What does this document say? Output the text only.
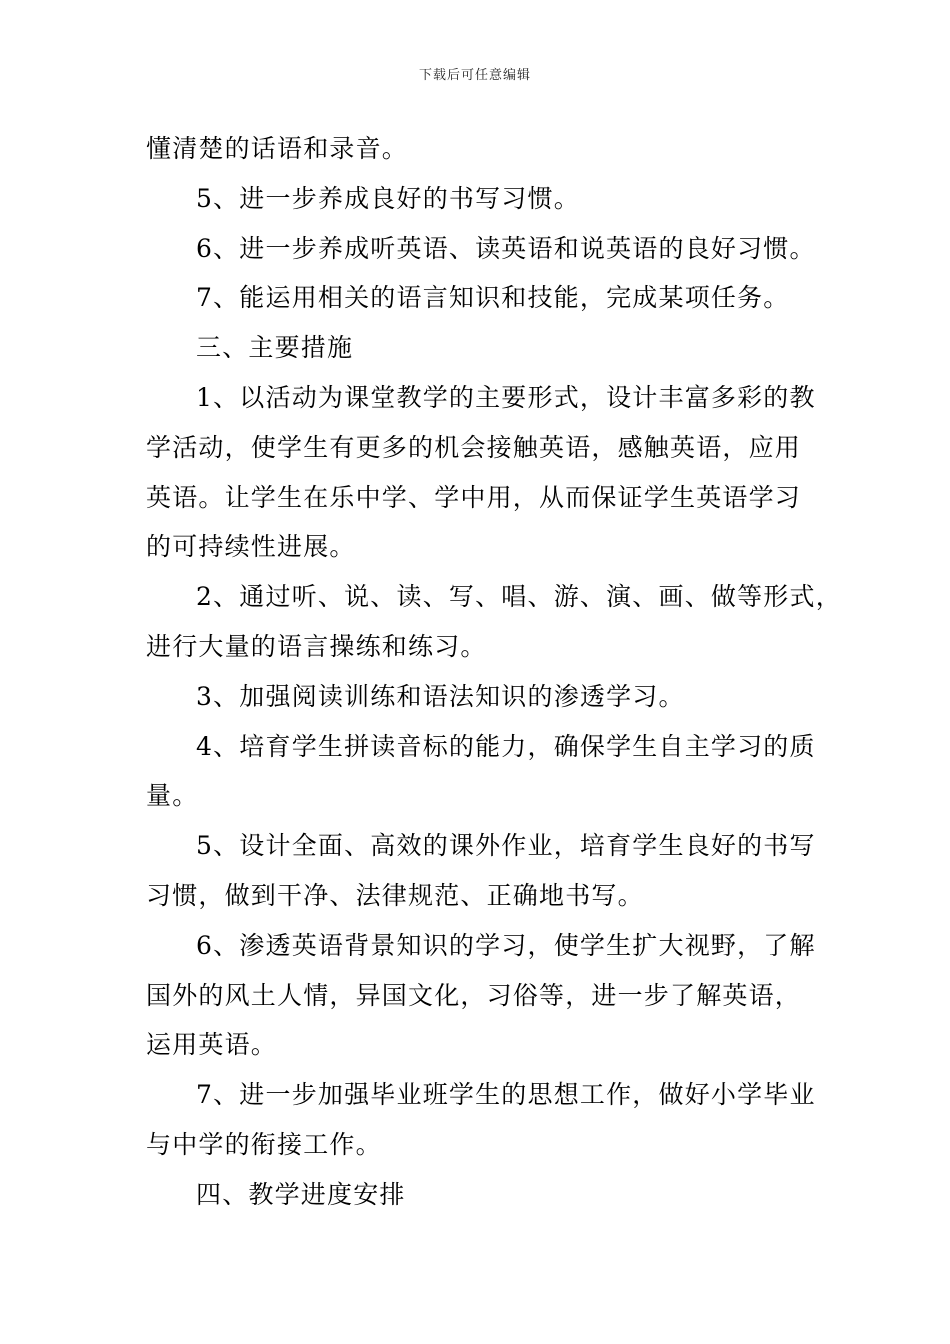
下载后可任意编辑

懂清楚的话语和录音。

5、进一步养成良好的书写习惯。

6、进一步养成听英语、读英语和说英语的良好习惯。

7、能运用相关的语言知识和技能，完成某项任务。

三、主要措施

1、以活动为课堂教学的主要形式，设计丰富多彩的教

学活动，使学生有更多的机会接触英语，感触英语，应用

英语。让学生在乐中学、学中用，从而保证学生英语学习

的可持续性进展。

2、通过听、说、读、写、唱、游、演、画、做等形式，

进行大量的语言操练和练习。

3、加强阅读训练和语法知识的渗透学习。

4、培育学生拼读音标的能力，确保学生自主学习的质

量。

5、设计全面、高效的课外作业，培育学生良好的书写

习惯，做到干净、法律规范、正确地书写。

6、渗透英语背景知识的学习，使学生扩大视野，了解

国外的风土人情，异国文化，习俗等，进一步了解英语，

运用英语。

7、进一步加强毕业班学生的思想工作，做好小学毕业

与中学的衔接工作。

四、教学进度安排
